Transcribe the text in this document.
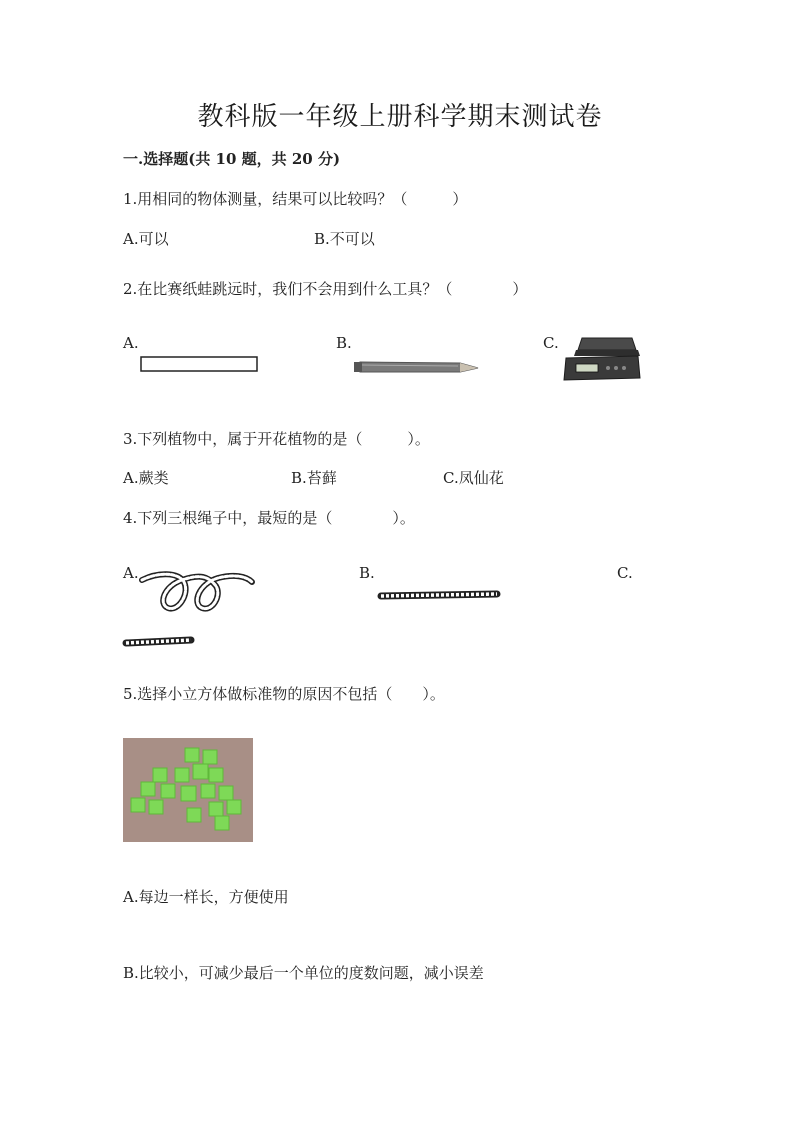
教科版一年级上册科学期末测试卷
一.选择题(共 10 题，共 20 分)
1.用相同的物体测量，结果可以比较吗？（　　　）
A.可以	B.不可以
2.在比赛纸蛙跳远时，我们不会用到什么工具？（　　　　）
A.	B.	C.
3.下列植物中，属于开花植物的是（　　　）。
A.蕨类	B.苔藓	C.凤仙花
4.下列三根绳子中，最短的是（　　　　）。
A.	B.	C.
5.选择小立方体做标准物的原因不包括（　　）。
A.每边一样长，方便使用
B.比较小，可减少最后一个单位的度数问题，减小误差
